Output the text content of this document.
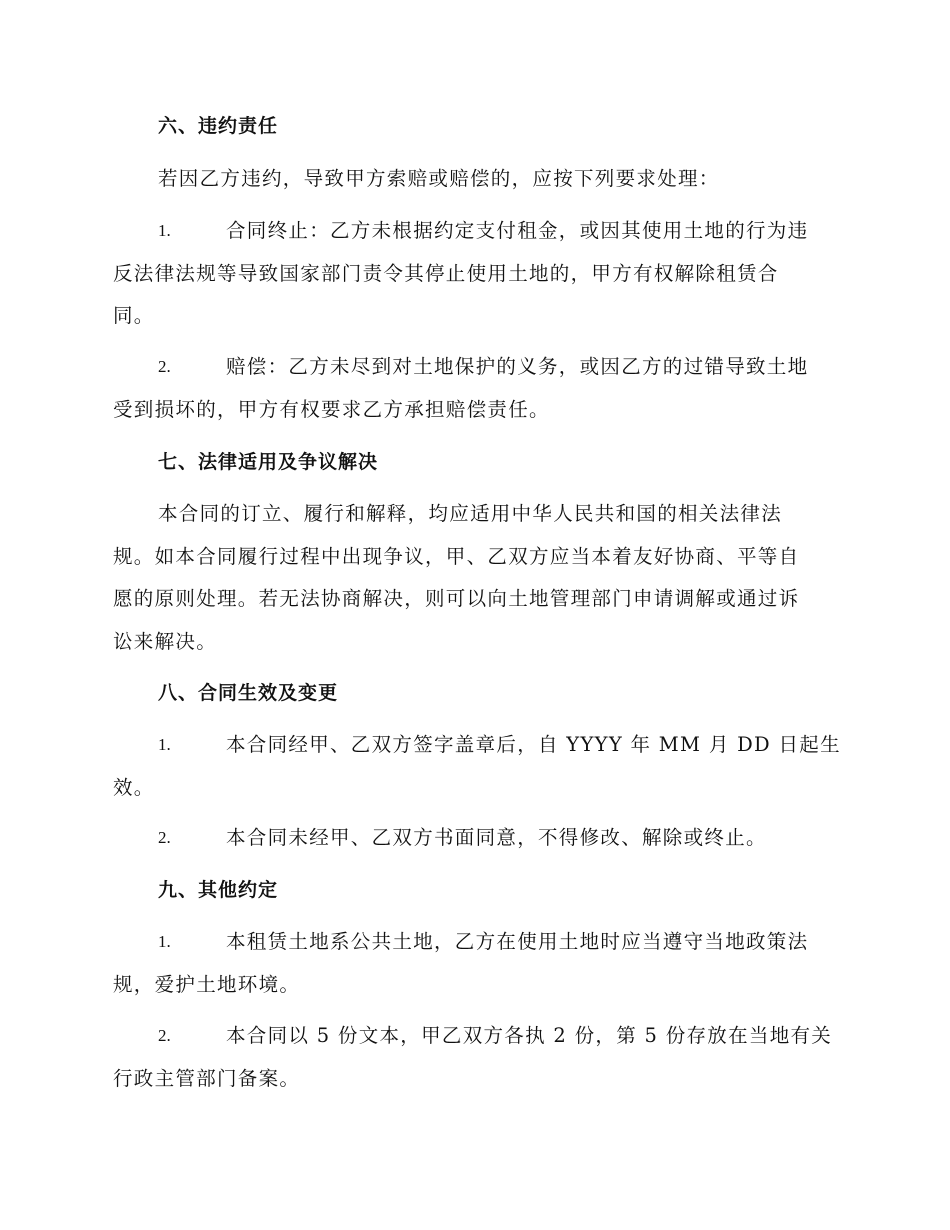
六、违约责任
若因乙方违约，导致甲方索赔或赔偿的，应按下列要求处理：
1.	合同终止：乙方未根据约定支付租金，或因其使用土地的行为违
反法律法规等导致国家部门责令其停止使用土地的，甲方有权解除租赁合
同。
2.	赔偿：乙方未尽到对土地保护的义务，或因乙方的过错导致土地
受到损坏的，甲方有权要求乙方承担赔偿责任。
七、法律适用及争议解决
本合同的订立、履行和解释，均应适用中华人民共和国的相关法律法
规。如本合同履行过程中出现争议，甲、乙双方应当本着友好协商、平等自
愿的原则处理。若无法协商解决，则可以向土地管理部门申请调解或通过诉
讼来解决。
八、合同生效及变更
1.	本合同经甲、乙双方签字盖章后，自 YYYY 年 MM 月 DD 日起生
效。
2.	本合同未经甲、乙双方书面同意，不得修改、解除或终止。
九、其他约定
1.	本租赁土地系公共土地，乙方在使用土地时应当遵守当地政策法
规，爱护土地环境。
2.	本合同以 5 份文本，甲乙双方各执 2 份，第 5 份存放在当地有关
行政主管部门备案。
